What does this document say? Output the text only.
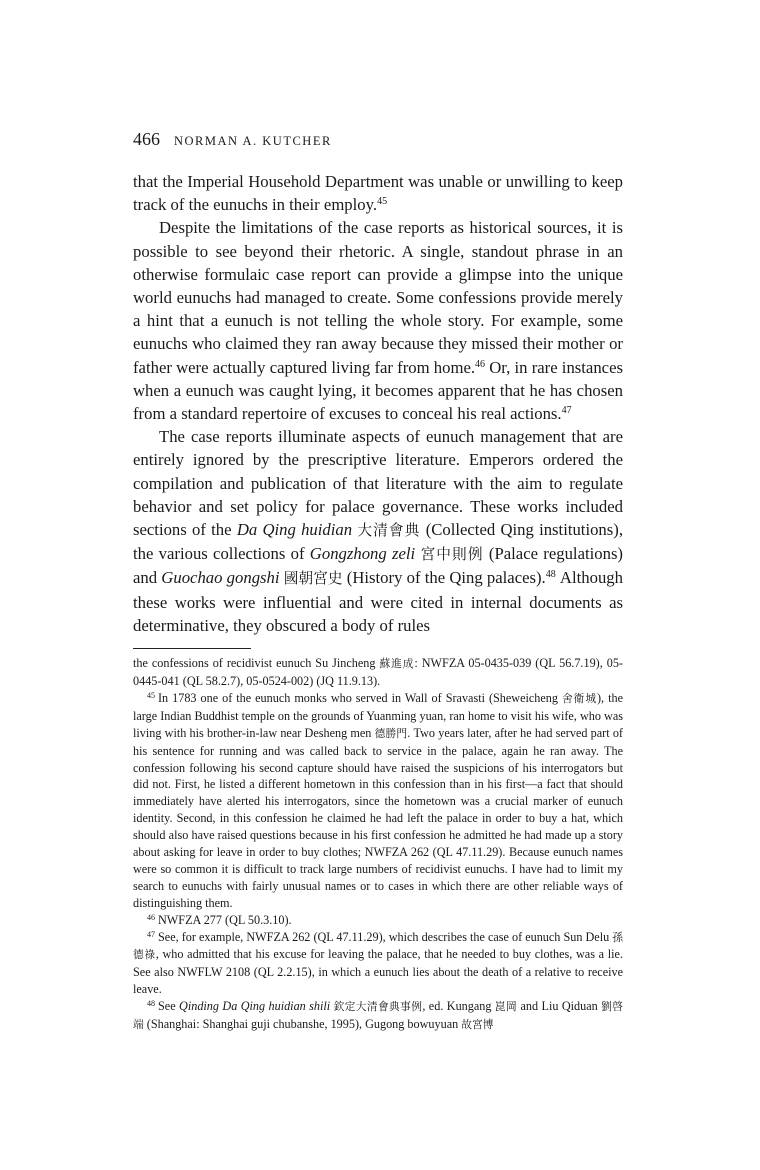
466 NORMAN A. KUTCHER

that the Imperial Household Department was unable or unwilling to keep track of the eunuchs in their employ.$^{45}$

Despite the limitations of the case reports as historical sources, it is possible to see beyond their rhetoric. A single, standout phrase in an otherwise formulaic case report can provide a glimpse into the unique world eunuchs had managed to create. Some confessions provide merely a hint that a eunuch is not telling the whole story. For example, some eunuchs who claimed they ran away because they missed their mother or father were actually captured living far from home.$^{46}$ Or, in rare instances when a eunuch was caught lying, it becomes apparent that he has chosen from a standard repertoire of excuses to conceal his real actions.$^{47}$

The case reports illuminate aspects of eunuch management that are entirely ignored by the prescriptive literature. Emperors ordered the compilation and publication of that literature with the aim to regulate behavior and set policy for palace governance. These works included sections of the Da Qing huidian 大清會典 (Collected Qing institutions), the various collections of Gongzhong zeli 宮中則例 (Palace regulations) and Guochao gongshi 國朝宮史 (History of the Qing palaces).$^{48}$ Although these works were influential and were cited in internal documents as determinative, they obscured a body of rules

the confessions of recidivist eunuch Su Jincheng 蘇進成: NWFZA 05-0435-039 (QL 56.7.19), 05-0445-041 (QL 58.2.7), 05-0524-002) (JQ 11.9.13).

$^{45}$ In 1783 one of the eunuch monks who served in Wall of Sravasti (Sheweicheng 舍衛城), the large Indian Buddhist temple on the grounds of Yuanming yuan, ran home to visit his wife, who was living with his brother-in-law near Desheng men 德勝門. Two years later, after he had served part of his sentence for running and was called back to service in the palace, again he ran away. The confession following his second capture should have raised the suspicions of his interrogators but did not. First, he listed a different hometown in this confession than in his first—a fact that should immediately have alerted his interrogators, since the hometown was a crucial marker of eunuch identity. Second, in this confession he claimed he had left the palace in order to buy a hat, which should also have raised questions because in his first confession he admitted he had made up a story about asking for leave in order to buy clothes; NWFZA 262 (QL 47.11.29). Because eunuch names were so common it is difficult to track large numbers of recidivist eunuchs. I have had to limit my search to eunuchs with fairly unusual names or to cases in which there are other reliable ways of distinguishing them.

$^{46}$ NWFZA 277 (QL 50.3.10).

$^{47}$ See, for example, NWFZA 262 (QL 47.11.29), which describes the case of eunuch Sun Delu 孫德祿, who admitted that his excuse for leaving the palace, that he needed to buy clothes, was a lie. See also NWFLW 2108 (QL 2.2.15), in which a eunuch lies about the death of a relative to receive leave.

$^{48}$ See Qinding Da Qing huidian shili 欽定大清會典事例, ed. Kungang 崑岡 and Liu Qiduan 劉啓端 (Shanghai: Shanghai guji chubanshe, 1995), Gugong bowuyuan 故宮博
